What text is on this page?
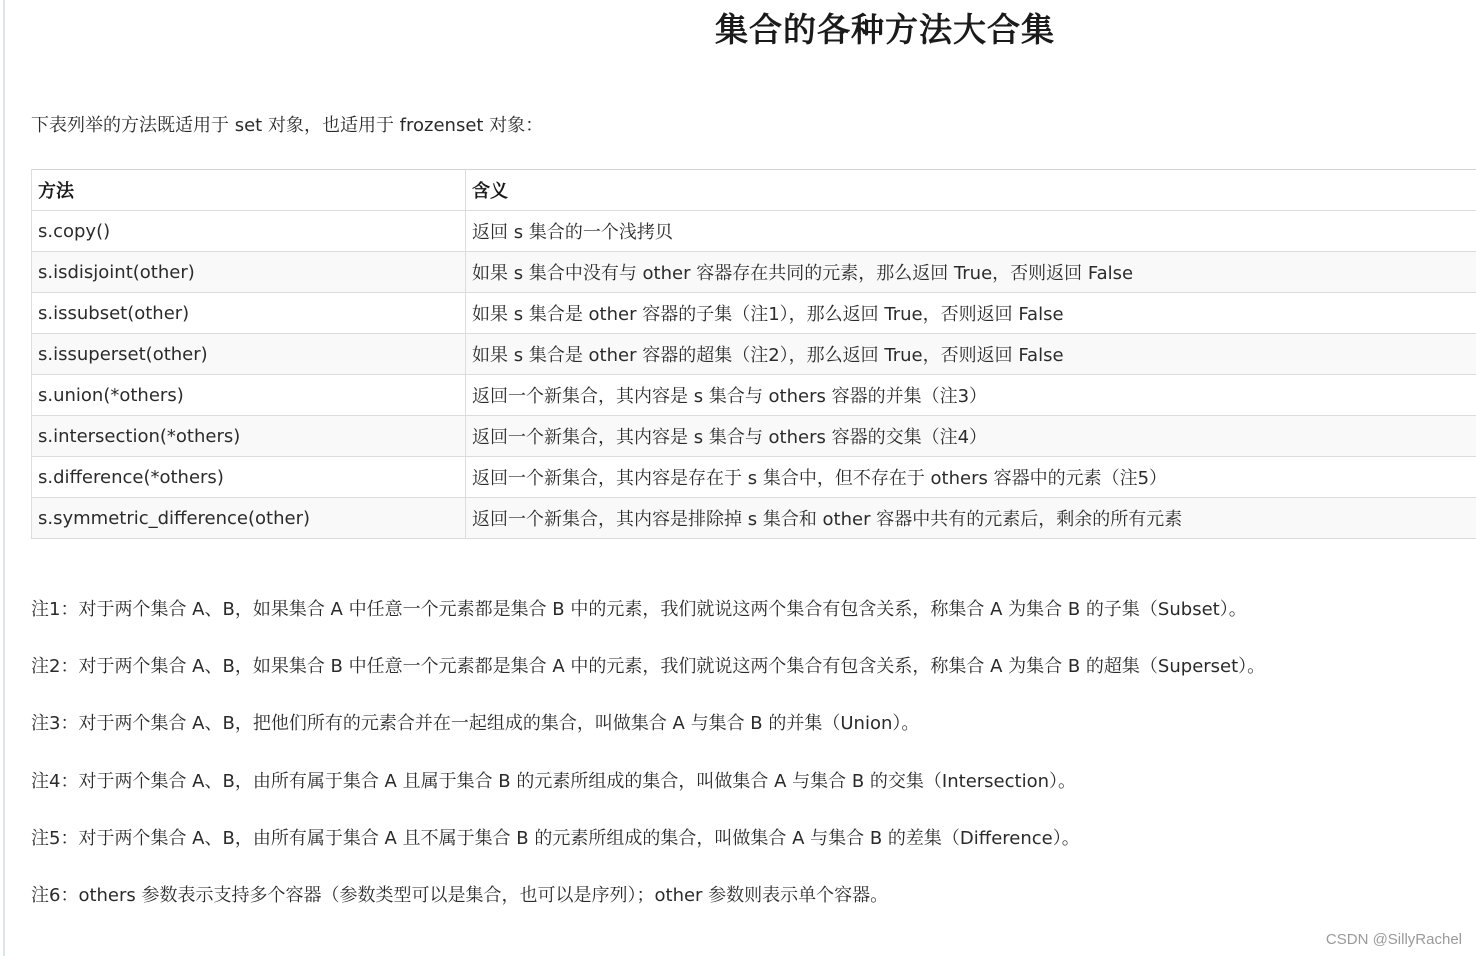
集合的各种方法大合集
下表列举的方法既适用于 set 对象，也适用于 frozenset 对象：
方法	含义
s.copy()	返回 s 集合的一个浅拷贝
s.isdisjoint(other)	如果 s 集合中没有与 other 容器存在共同的元素，那么返回 True，否则返回 False
s.issubset(other)	如果 s 集合是 other 容器的子集（注1），那么返回 True，否则返回 False
s.issuperset(other)	如果 s 集合是 other 容器的超集（注2），那么返回 True，否则返回 False
s.union(*others)	返回一个新集合，其内容是 s 集合与 others 容器的并集（注3）
s.intersection(*others)	返回一个新集合，其内容是 s 集合与 others 容器的交集（注4）
s.difference(*others)	返回一个新集合，其内容是存在于 s 集合中，但不存在于 others 容器中的元素（注5）
s.symmetric_difference(other)	返回一个新集合，其内容是排除掉 s 集合和 other 容器中共有的元素后，剩余的所有元素
注1：对于两个集合 A、B，如果集合 A 中任意一个元素都是集合 B 中的元素，我们就说这两个集合有包含关系，称集合 A 为集合 B 的子集（Subset）。
注2：对于两个集合 A、B，如果集合 B 中任意一个元素都是集合 A 中的元素，我们就说这两个集合有包含关系，称集合 A 为集合 B 的超集（Superset）。
注3：对于两个集合 A、B，把他们所有的元素合并在一起组成的集合，叫做集合 A 与集合 B 的并集（Union）。
注4：对于两个集合 A、B，由所有属于集合 A 且属于集合 B 的元素所组成的集合，叫做集合 A 与集合 B 的交集（Intersection）。
注5：对于两个集合 A、B，由所有属于集合 A 且不属于集合 B 的元素所组成的集合，叫做集合 A 与集合 B 的差集（Difference）。
注6：others 参数表示支持多个容器（参数类型可以是集合，也可以是序列）；other 参数则表示单个容器。
CSDN @SillyRachel
